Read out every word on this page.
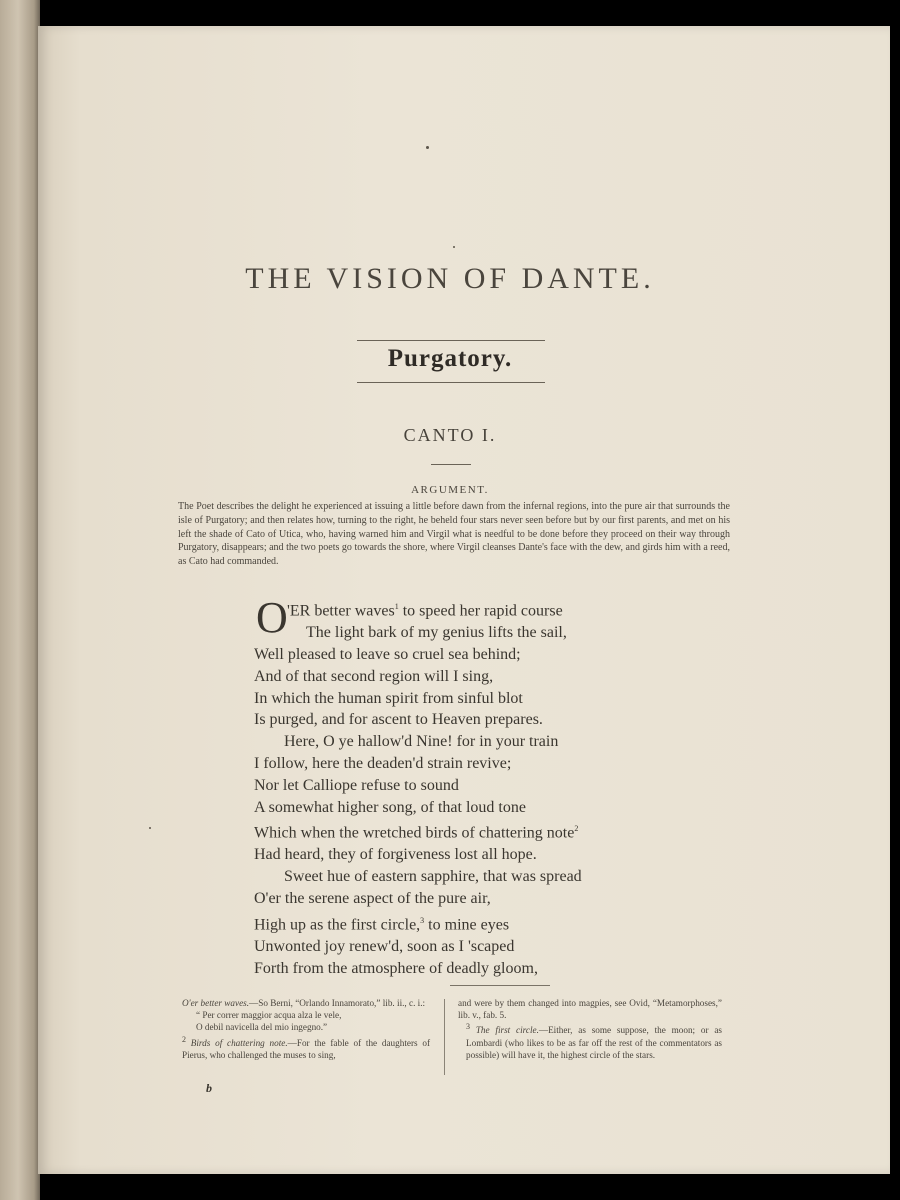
THE VISION OF DANTE.
Purgatory.
CANTO I.
ARGUMENT.
The Poet describes the delight he experienced at issuing a little before dawn from the infernal regions, into the pure air that surrounds the isle of Purgatory; and then relates how, turning to the right, he beheld four stars never seen before but by our first parents, and met on his left the shade of Cato of Utica, who, having warned him and Virgil what is needful to be done before they proceed on their way through Purgatory, disappears; and the two poets go towards the shore, where Virgil cleanses Dante's face with the dew, and girds him with a reed, as Cato had commanded.
O 'ER better waves$^1$ to speed her rapid course
The light bark of my genius lifts the sail,
Well pleased to leave so cruel sea behind;
And of that second region will I sing,
In which the human spirit from sinful blot
Is purged, and for ascent to Heaven prepares.
Here, O ye hallow'd Nine! for in your train
I follow, here the deaden'd strain revive;
Nor let Calliope refuse to sound
A somewhat higher song, of that loud tone
Which when the wretched birds of chattering note$^2$
Had heard, they of forgiveness lost all hope.
Sweet hue of eastern sapphire, that was spread
O'er the serene aspect of the pure air,
High up as the first circle,$^3$ to mine eyes
Unwonted joy renew'd, soon as I 'scaped
Forth from the atmosphere of deadly gloom,
O'er better waves.—So Berni, “Orlando Innamorato,” lib. ii., c. i.:
“ Per correr maggior acqua alza le vele,
O debil navicella del mio ingegno.”
2 Birds of chattering note.—For the fable of the daughters of Pierus, who challenged the muses to sing,
and were by them changed into magpies, see Ovid, “Metamorphoses,” lib. v., fab. 5.
3 The first circle.—Either, as some suppose, the moon; or as Lombardi (who likes to be as far off the rest of the commentators as possible) will have it, the highest circle of the stars.
b
